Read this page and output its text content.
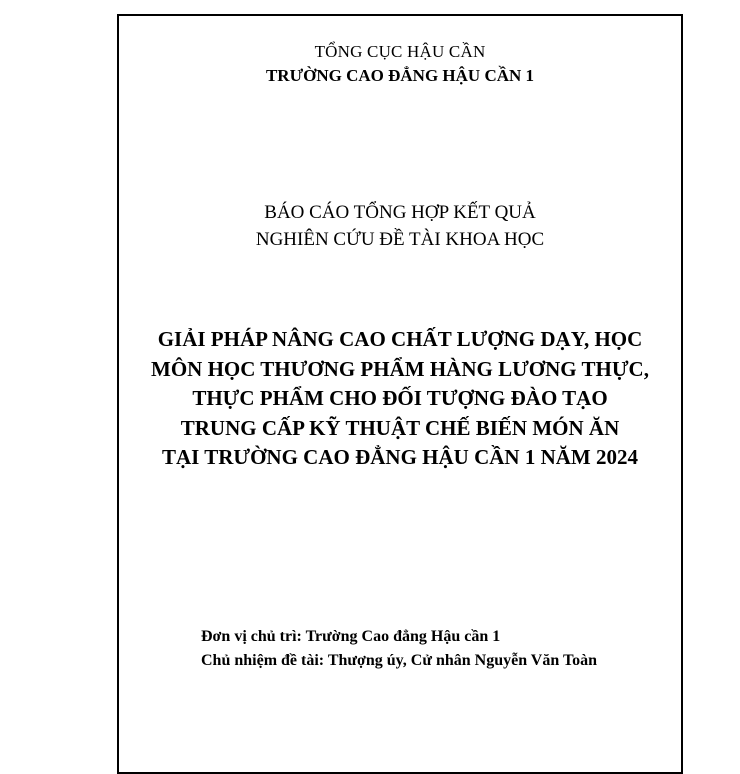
TỔNG CỤC HẬU CẦN
TRƯỜNG CAO ĐẲNG HẬU CẦN 1
BÁO CÁO TỔNG HỢP KẾT QUẢ
NGHIÊN CỨU ĐỀ TÀI KHOA HỌC
GIẢI PHÁP NÂNG CAO CHẤT LƯỢNG DẠY, HỌC
MÔN HỌC THƯƠNG PHẨM HÀNG LƯƠNG THỰC,
THỰC PHẨM CHO ĐỐI TƯỢNG ĐÀO TẠO
TRUNG CẤP KỸ THUẬT CHẾ BIẾN MÓN ĂN
TẠI TRƯỜNG CAO ĐẲNG HẬU CẦN 1 NĂM 2024
Đơn vị chủ trì: Trường Cao đẳng Hậu cần 1
Chủ nhiệm đề tài: Thượng úy, Cử nhân Nguyễn Văn Toàn
